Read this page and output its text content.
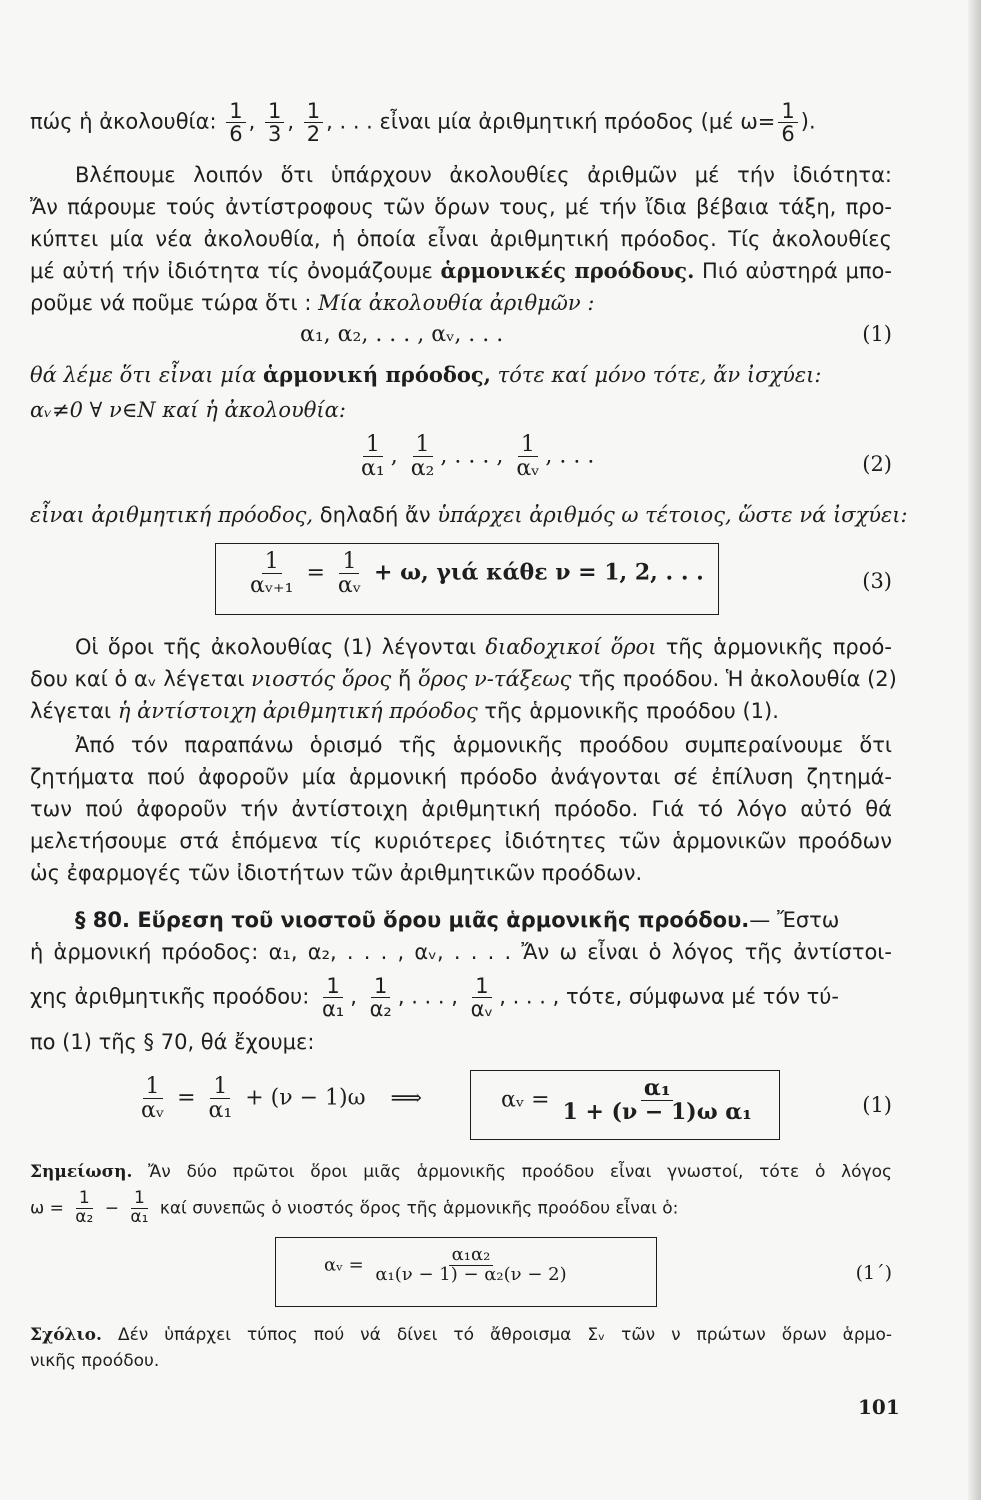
πώς ἡ ἀκολουθία: $\frac{1}{6}$ , $\frac{1}{3}$ , $\frac{1}{2}$ , . . . εἶναι μία ἀριθμητική πρόοδος (μέ $\omega= \frac{1}{6}$ ).
Βλέπουμε λοιπόν ὅτι ὑπάρχουν ἀκολουθίες ἀριθμῶν μέ τήν ἰδιότητα:
Ἄν πάρουμε τούς ἀντίστροφους τῶν ὅρων τους, μέ τήν ἴδια βέβαια τάξη, προ-
κύπτει μία νέα ἀκολουθία, ἡ ὁποία εἶναι ἀριθμητική πρόοδος. Τίς ἀκολουθίες
μέ αὐτή τήν ἰδιότητα τίς ὀνομάζουμε ἁρμονικές προόδους. Πιό αὐστηρά μπο-
ροῦμε νά ποῦμε τώρα ὅτι : Μία ἀκολουθία ἀριθμῶν :
α₁, α₂, . . . , αᵥ, . . .	(1)
θά λέμε ὅτι εἶναι μία ἁρμονική πρόοδος, τότε καί μόνο τότε, ἄν ἰσχύει:
αᵥ≠0 ∀ ν∈Ν καί ἡ ἀκολουθία:
$\frac{1}{\text{α₁}}$ , $\frac{1}{\text{α₂}}$ , . . . , $\frac{1}{\text{αᵥ}}$ , . . .	(2)
εἶναι ἀριθμητική πρόοδος, δηλαδή ἄν ὑπάρχει ἀριθμός ω τέτοιος, ὥστε νά ἰσχύει:
$\frac{1}{\text{αᵥ₊₁}} = \frac{1}{\text{αᵥ}} + \omega$, γιά κάθε ν = 1, 2, . . .	(3)
Οἱ ὅροι τῆς ἀκολουθίας (1) λέγονται διαδοχικοί ὅροι τῆς ἁρμονικῆς προό-
δου καί ὁ αᵥ λέγεται νιοστός ὅρος ἤ ὅρος ν-τάξεως τῆς προόδου. Ἡ ἀκολουθία (2)
λέγεται ἡ ἀντίστοιχη ἀριθμητική πρόοδος τῆς ἁρμονικῆς προόδου (1).
Ἀπό τόν παραπάνω ὁρισμό τῆς ἁρμονικῆς προόδου συμπεραίνουμε ὅτι
ζητήματα πού ἀφοροῦν μία ἁρμονική πρόοδο ἀνάγονται σέ ἐπίλυση ζητημά-
των πού ἀφοροῦν τήν ἀντίστοιχη ἀριθμητική πρόοδο. Γιά τό λόγο αὐτό θά
μελετήσουμε στά ἑπόμενα τίς κυριότερες ἰδιότητες τῶν ἁρμονικῶν προόδων
ὡς ἐφαρμογές τῶν ἰδιοτήτων τῶν ἀριθμητικῶν προόδων.
§ 80. Εὕρεση τοῦ νιοστοῦ ὅρου μιᾶς ἁρμονικῆς προόδου.— Ἔστω
ἡ ἁρμονική πρόοδος: α₁, α₂, . . . , αᵥ, . . . . Ἄν ω εἶναι ὁ λόγος τῆς ἀντίστοι-
χης ἀριθμητικῆς προόδου: $\frac{1}{\text{α₁}}$ , $\frac{1}{\text{α₂}}$ , . . . , $\frac{1}{\text{αᵥ}}$ , . . . , τότε, σύμφωνα μέ τόν τύ-
πο (1) τῆς § 70, θά ἔχουμε:
$\frac{1}{\text{αᵥ}} = \frac{1}{\text{α₁}} + (\nu - 1)\omega$ ⟹	αᵥ = $\frac{\text{α₁}}{\text{1 + (ν − 1)ω α₁}}$	(1)
Σημείωση. Ἄν δύο πρῶτοι ὅροι μιᾶς ἁρμονικῆς προόδου εἶναι γνωστοί, τότε ὁ λόγος
$\omega = \frac{1}{\text{α₂}} - \frac{1}{\text{α₁}}$ καί συνεπῶς ὁ νιοστός ὅρος τῆς ἁρμονικῆς προόδου εἶναι ὁ:
αᵥ = $\frac{\text{α₁α₂}}{\text{α₁(ν − 1) − α₂(ν − 2)}}$	(1΄)
Σχόλιο. Δέν ὑπάρχει τύπος πού νά δίνει τό ἄθροισμα Σᵥ τῶν ν πρώτων ὅρων ἁρμο-
νικῆς προόδου.
101
